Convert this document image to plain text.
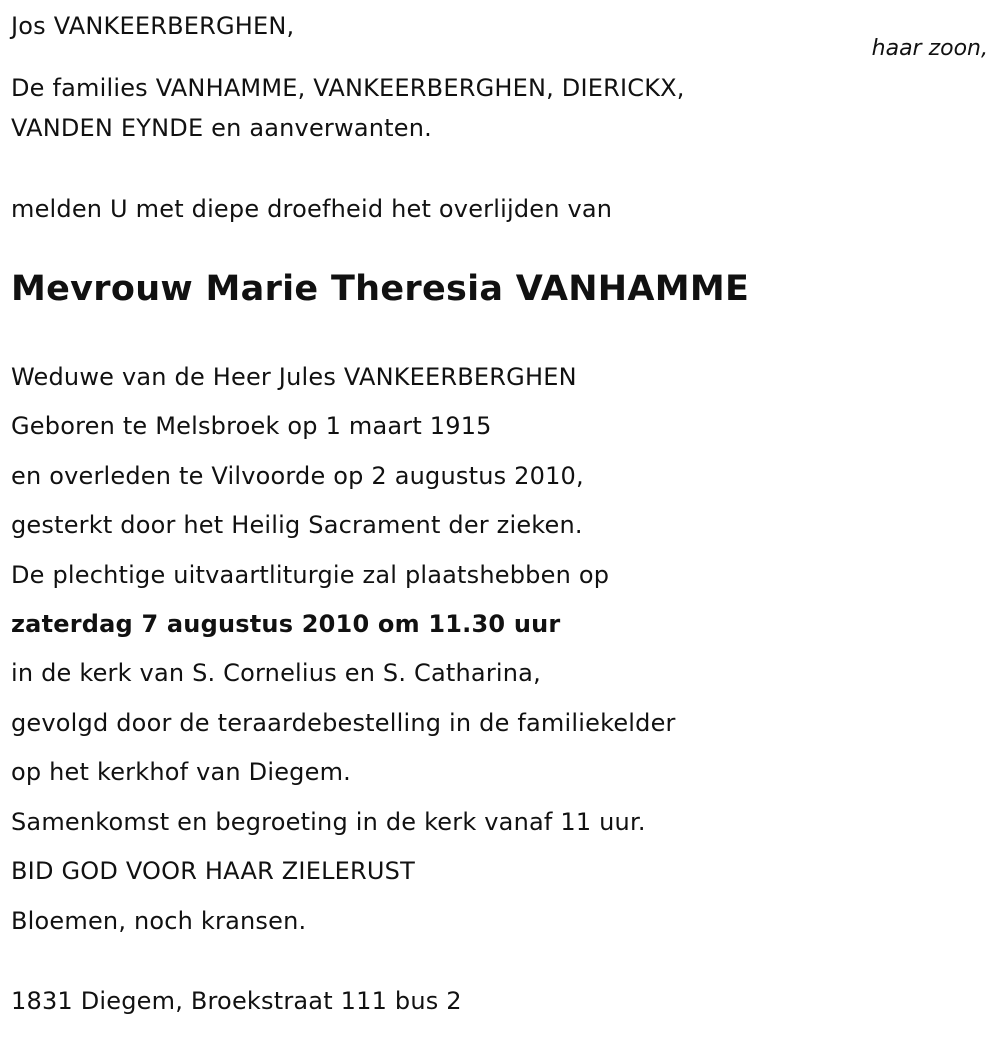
Jos VANKEERBERGHEN,
haar zoon,
De families VANHAMME, VANKEERBERGHEN, DIERICKX,
VANDEN EYNDE en aanverwanten.
melden U met diepe droefheid het overlijden van
Mevrouw Marie Theresia VANHAMME
Weduwe van de Heer Jules VANKEERBERGHEN
Geboren te Melsbroek op 1 maart 1915
en overleden te Vilvoorde op 2 augustus 2010,
gesterkt door het Heilig Sacrament der zieken.
De plechtige uitvaartliturgie zal plaatshebben op
zaterdag 7 augustus 2010 om 11.30 uur
in de kerk van S. Cornelius en S. Catharina,
gevolgd door de teraardebestelling in de familiekelder
op het kerkhof van Diegem.
Samenkomst en begroeting in de kerk vanaf 11 uur.
BID GOD VOOR HAAR ZIELERUST
Bloemen, noch kransen.
1831 Diegem, Broekstraat 111 bus 2
